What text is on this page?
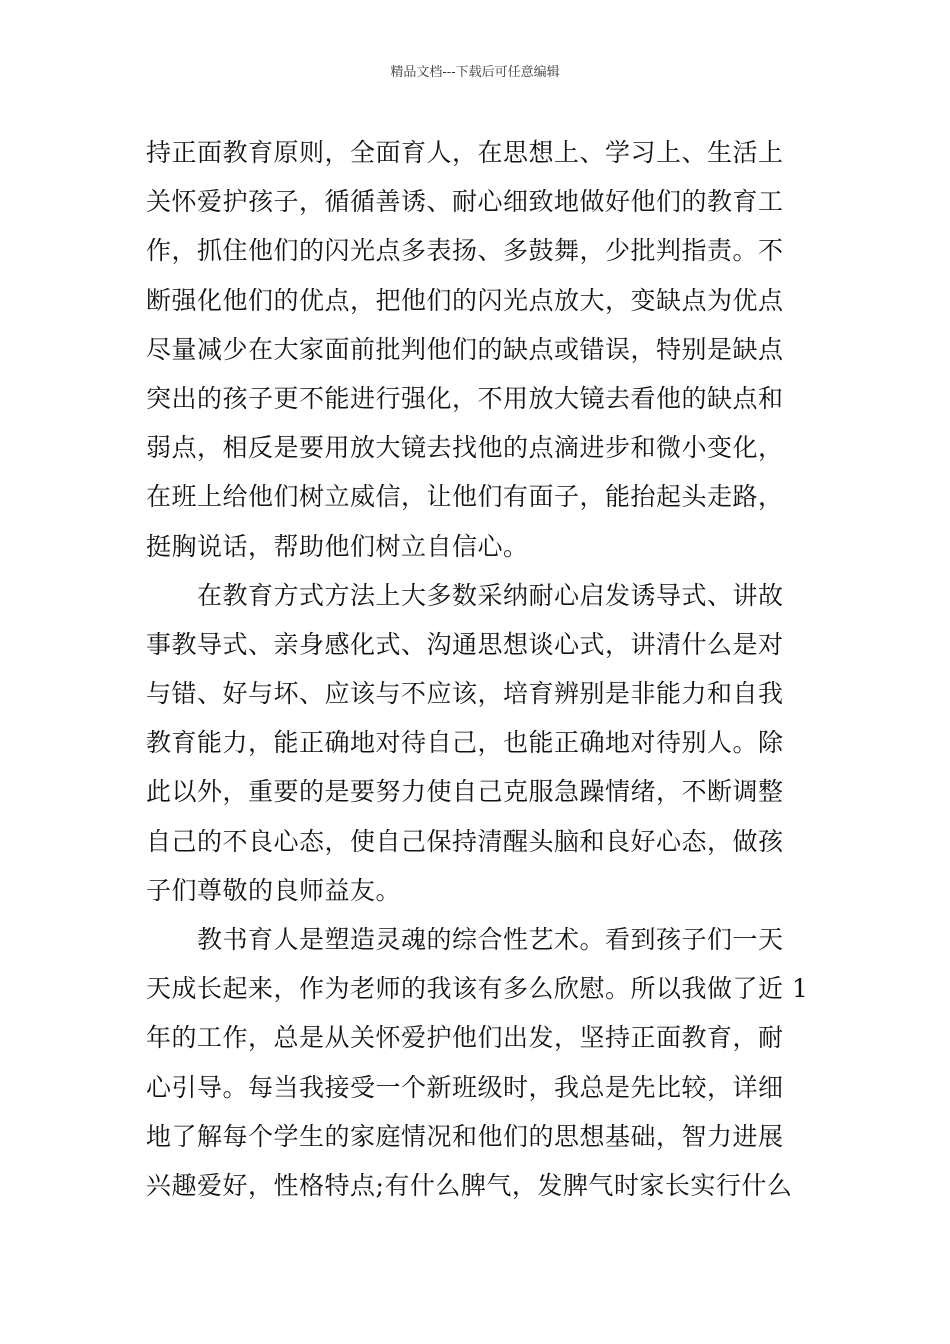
精品文档---下载后可任意编辑
持正面教育原则，全面育人，在思想上、学习上、生活上
关怀爱护孩子，循循善诱、耐心细致地做好他们的教育工
作，抓住他们的闪光点多表扬、多鼓舞，少批判指责。不
断强化他们的优点，把他们的闪光点放大，变缺点为优点
尽量减少在大家面前批判他们的缺点或错误，特别是缺点
突出的孩子更不能进行强化，不用放大镜去看他的缺点和
弱点，相反是要用放大镜去找他的点滴进步和微小变化，
在班上给他们树立威信，让他们有面子，能抬起头走路，
挺胸说话，帮助他们树立自信心。
　　在教育方式方法上大多数采纳耐心启发诱导式、讲故
事教导式、亲身感化式、沟通思想谈心式，讲清什么是对
与错、好与坏、应该与不应该，培育辨别是非能力和自我
教育能力，能正确地对待自己，也能正确地对待别人。除
此以外，重要的是要努力使自己克服急躁情绪，不断调整
自己的不良心态，使自己保持清醒头脑和良好心态，做孩
子们尊敬的良师益友。
　　教书育人是塑造灵魂的综合性艺术。看到孩子们一天
天成长起来，作为老师的我该有多么欣慰。所以我做了近 1
年的工作，总是从关怀爱护他们出发，坚持正面教育，耐
心引导。每当我接受一个新班级时，我总是先比较，详细
地了解每个学生的家庭情况和他们的思想基础，智力进展
兴趣爱好，性格特点;有什么脾气，发脾气时家长实行什么
